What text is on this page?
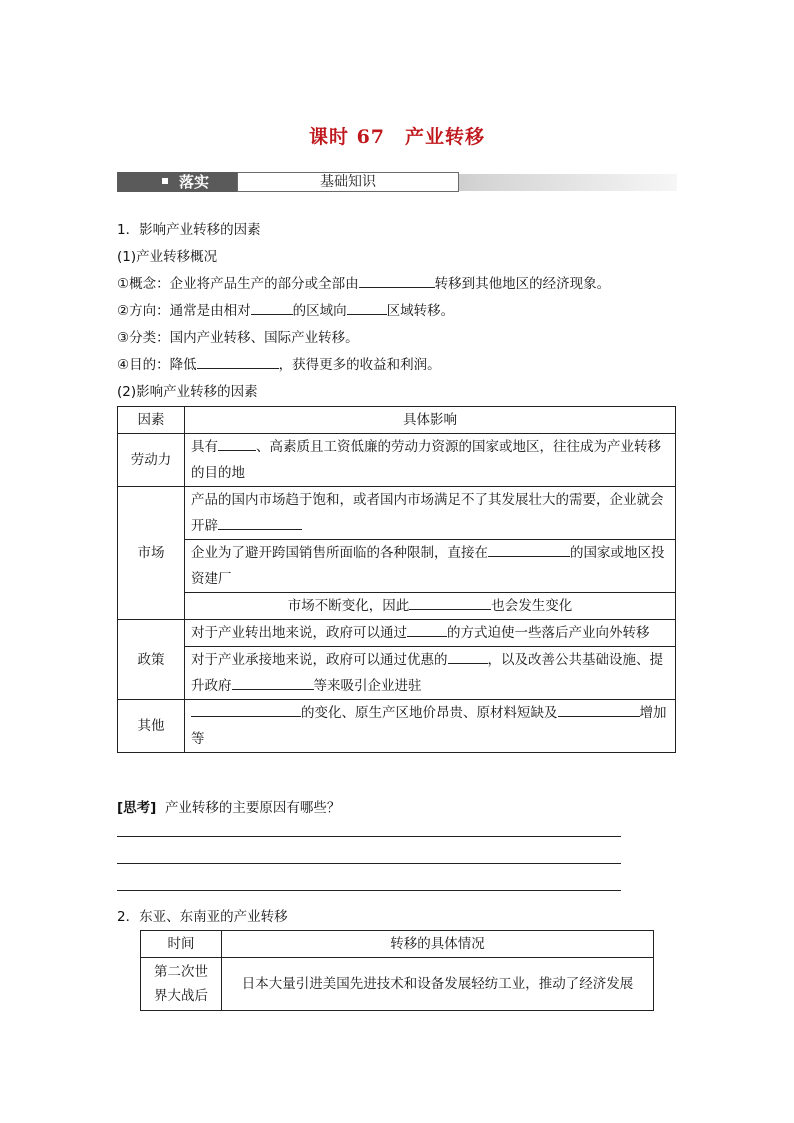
课时 67　产业转移
落实	基础知识
1．影响产业转移的因素
(1)产业转移概况
①概念：企业将产品生产的部分或全部由	转移到其他地区的经济现象。
②方向：通常是由相对	的区域向	区域转移。
③分类：国内产业转移、国际产业转移。
④目的：降低	，获得更多的收益和利润。
(2)影响产业转移的因素
因素	具体影响
劳动力	具有 、高素质且工资低廉的劳动力资源的国家或地区，往往成为产业转移的目的地
市场	产品的国内市场趋于饱和，或者国内市场满足不了其发展壮大的需要，企业就会开辟
企业为了避开跨国销售所面临的各种限制，直接在 的国家或地区投资建厂
市场不断变化，因此 也会发生变化

政策	对于产业转出地来说，政府可以通过 的方式迫使一些落后产业向外转移
对于产业承接地来说，政府可以通过优惠的 ，以及改善公共基础设施、提升政府 等来吸引企业进驻

其他	的变化、原生产区地价昂贵、原材料短缺及 增加等
[思考] 产业转移的主要原因有哪些？
2．东亚、东南亚的产业转移
时间	转移的具体情况
第二次世界大战后	日本大量引进美国先进技术和设备发展轻纺工业，推动了经济发展
